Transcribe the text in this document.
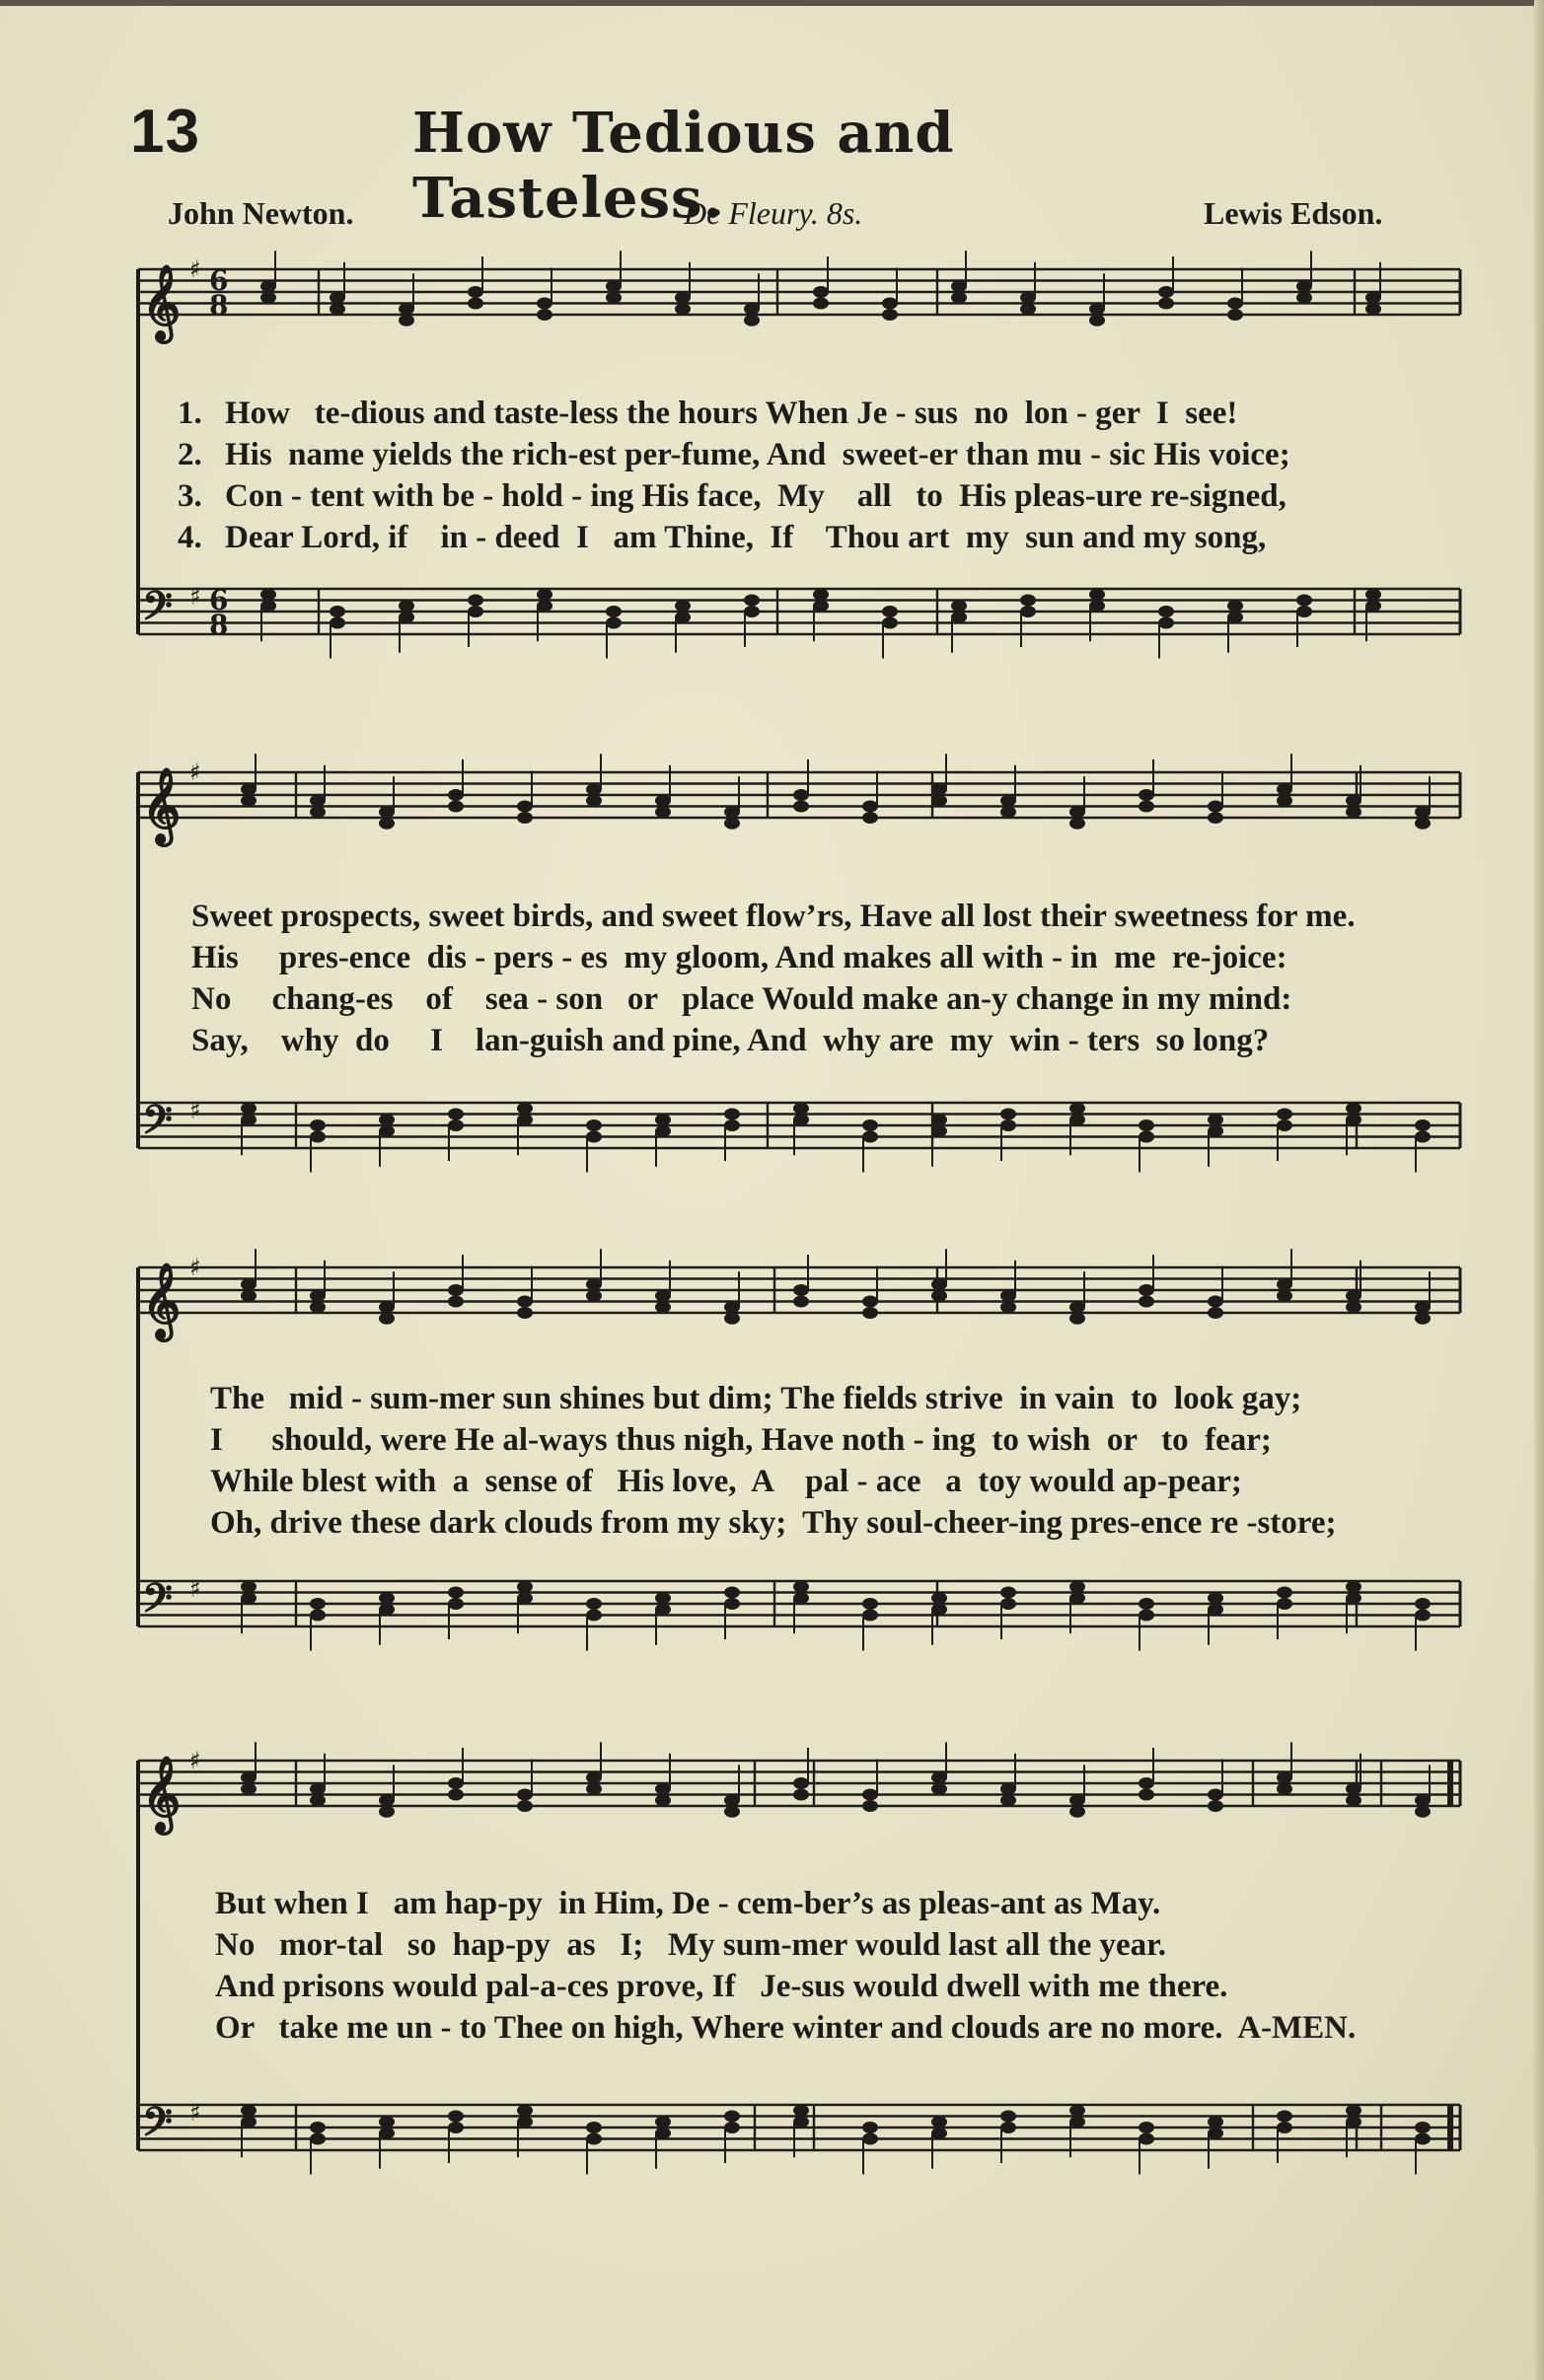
13	How Tedious and Tasteless.
John Newton.	De Fleury. 8s.	Lewis Edson.
𝄞
𝄢
♯
♯
6
8
6
8
𝄞
𝄢
♯
♯
𝄞
𝄢
♯
♯
𝄞
𝄢
♯
♯
1. How   te-dious and taste-less the hours When Je - sus  no  lon - ger  I  see!
2. His  name yields the rich-est per-fume, And  sweet-er than mu - sic His voice;
3. Con - tent with be - hold - ing His face,  My    all   to  His pleas-ure re-signed,
4. Dear Lord, if    in - deed  I   am Thine,  If    Thou art  my  sun and my song,
Sweet prospects, sweet birds, and sweet flow’rs, Have all lost their sweetness for me.
His     pres-ence  dis - pers - es  my gloom, And makes all with - in  me  re-joice:
No     chang-es    of    sea - son   or   place Would make an-y change in my mind:
Say,    why  do     I    lan-guish and pine, And  why are  my  win - ters  so long?
The   mid - sum-mer sun shines but dim; The fields strive  in vain  to  look gay;
I      should, were He al-ways thus nigh, Have noth - ing  to wish  or   to  fear;
While blest with  a  sense of   His love,  A    pal - ace   a  toy would ap-pear;
Oh, drive these dark clouds from my sky;  Thy soul-cheer-ing pres-ence re -store;
But when I   am hap-py  in Him, De - cem-ber’s as pleas-ant as May.
No   mor-tal   so  hap-py  as   I;   My sum-mer would last all the year.
And prisons would pal-a-ces prove, If   Je-sus would dwell with me there.
Or   take me un - to Thee on high, Where winter and clouds are no more.  A-MEN.
